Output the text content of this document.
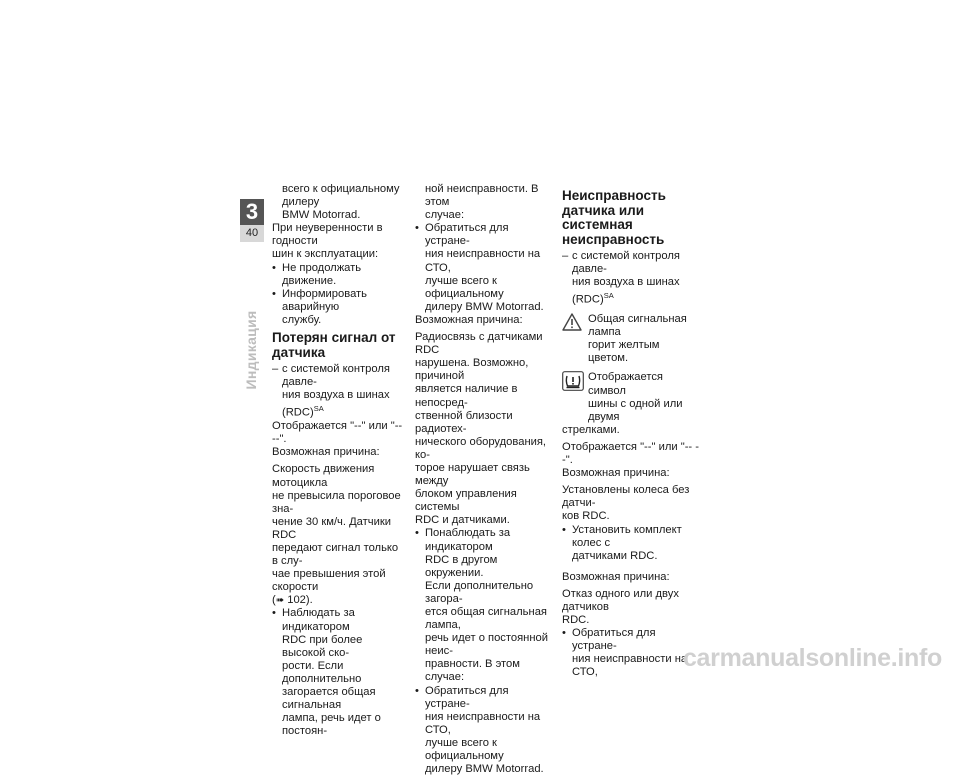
3
40
Индикация
всего к официальному дилеру
BMW Motorrad.
При неуверенности в годности
шин к эксплуатации:
• Не продолжать движение.
• Информировать аварийную
службу.
Потерян сигнал от
датчика
– с системой контроля давле-
ния воздуха в шинах (RDC)$^{SA}$
Отображается "--" или "-- --".
Возможная причина:
Скорость движения мотоцикла
не превысила пороговое зна-
чение 30 км/ч. Датчики RDC
передают сигнал только в слу-
чае превышения этой скорости
(➠ 102).
• Наблюдать за индикатором
RDC при более высокой ско-
рости. Если дополнительно
загорается общая сигнальная
лампа, речь идет о постоян-
ной неисправности. В этом
случае:
• Обратиться для устране-
ния неисправности на СТО,
лучше всего к официальному
дилеру BMW Motorrad.
Возможная причина:
Радиосвязь с датчиками RDC
нарушена. Возможно, причиной
является наличие в непосред-
ственной близости радиотех-
нического оборудования, ко-
торое нарушает связь между
блоком управления системы
RDC и датчиками.
• Понаблюдать за индикатором
RDC в другом окружении.
Если дополнительно загора-
ется общая сигнальная лампа,
речь идет о постоянной неис-
правности. В этом случае:
• Обратиться для устране-
ния неисправности на СТО,
лучше всего к официальному
дилеру BMW Motorrad.
Неисправность
датчика или системная
неисправность
– с системой контроля давле-
ния воздуха в шинах (RDC)$^{SA}$
Общая сигнальная лампа
горит желтым цветом.
Отображается символ
шины с одной или двумя
стрелками.
Отображается "--" или "-- --".
Возможная причина:
Установлены колеса без датчи-
ков RDC.
• Установить комплект колес с
датчиками RDC.
Возможная причина:
Отказ одного или двух датчиков
RDC.
• Обратиться для устране-
ния неисправности на СТО,
carmanualsonline.info
